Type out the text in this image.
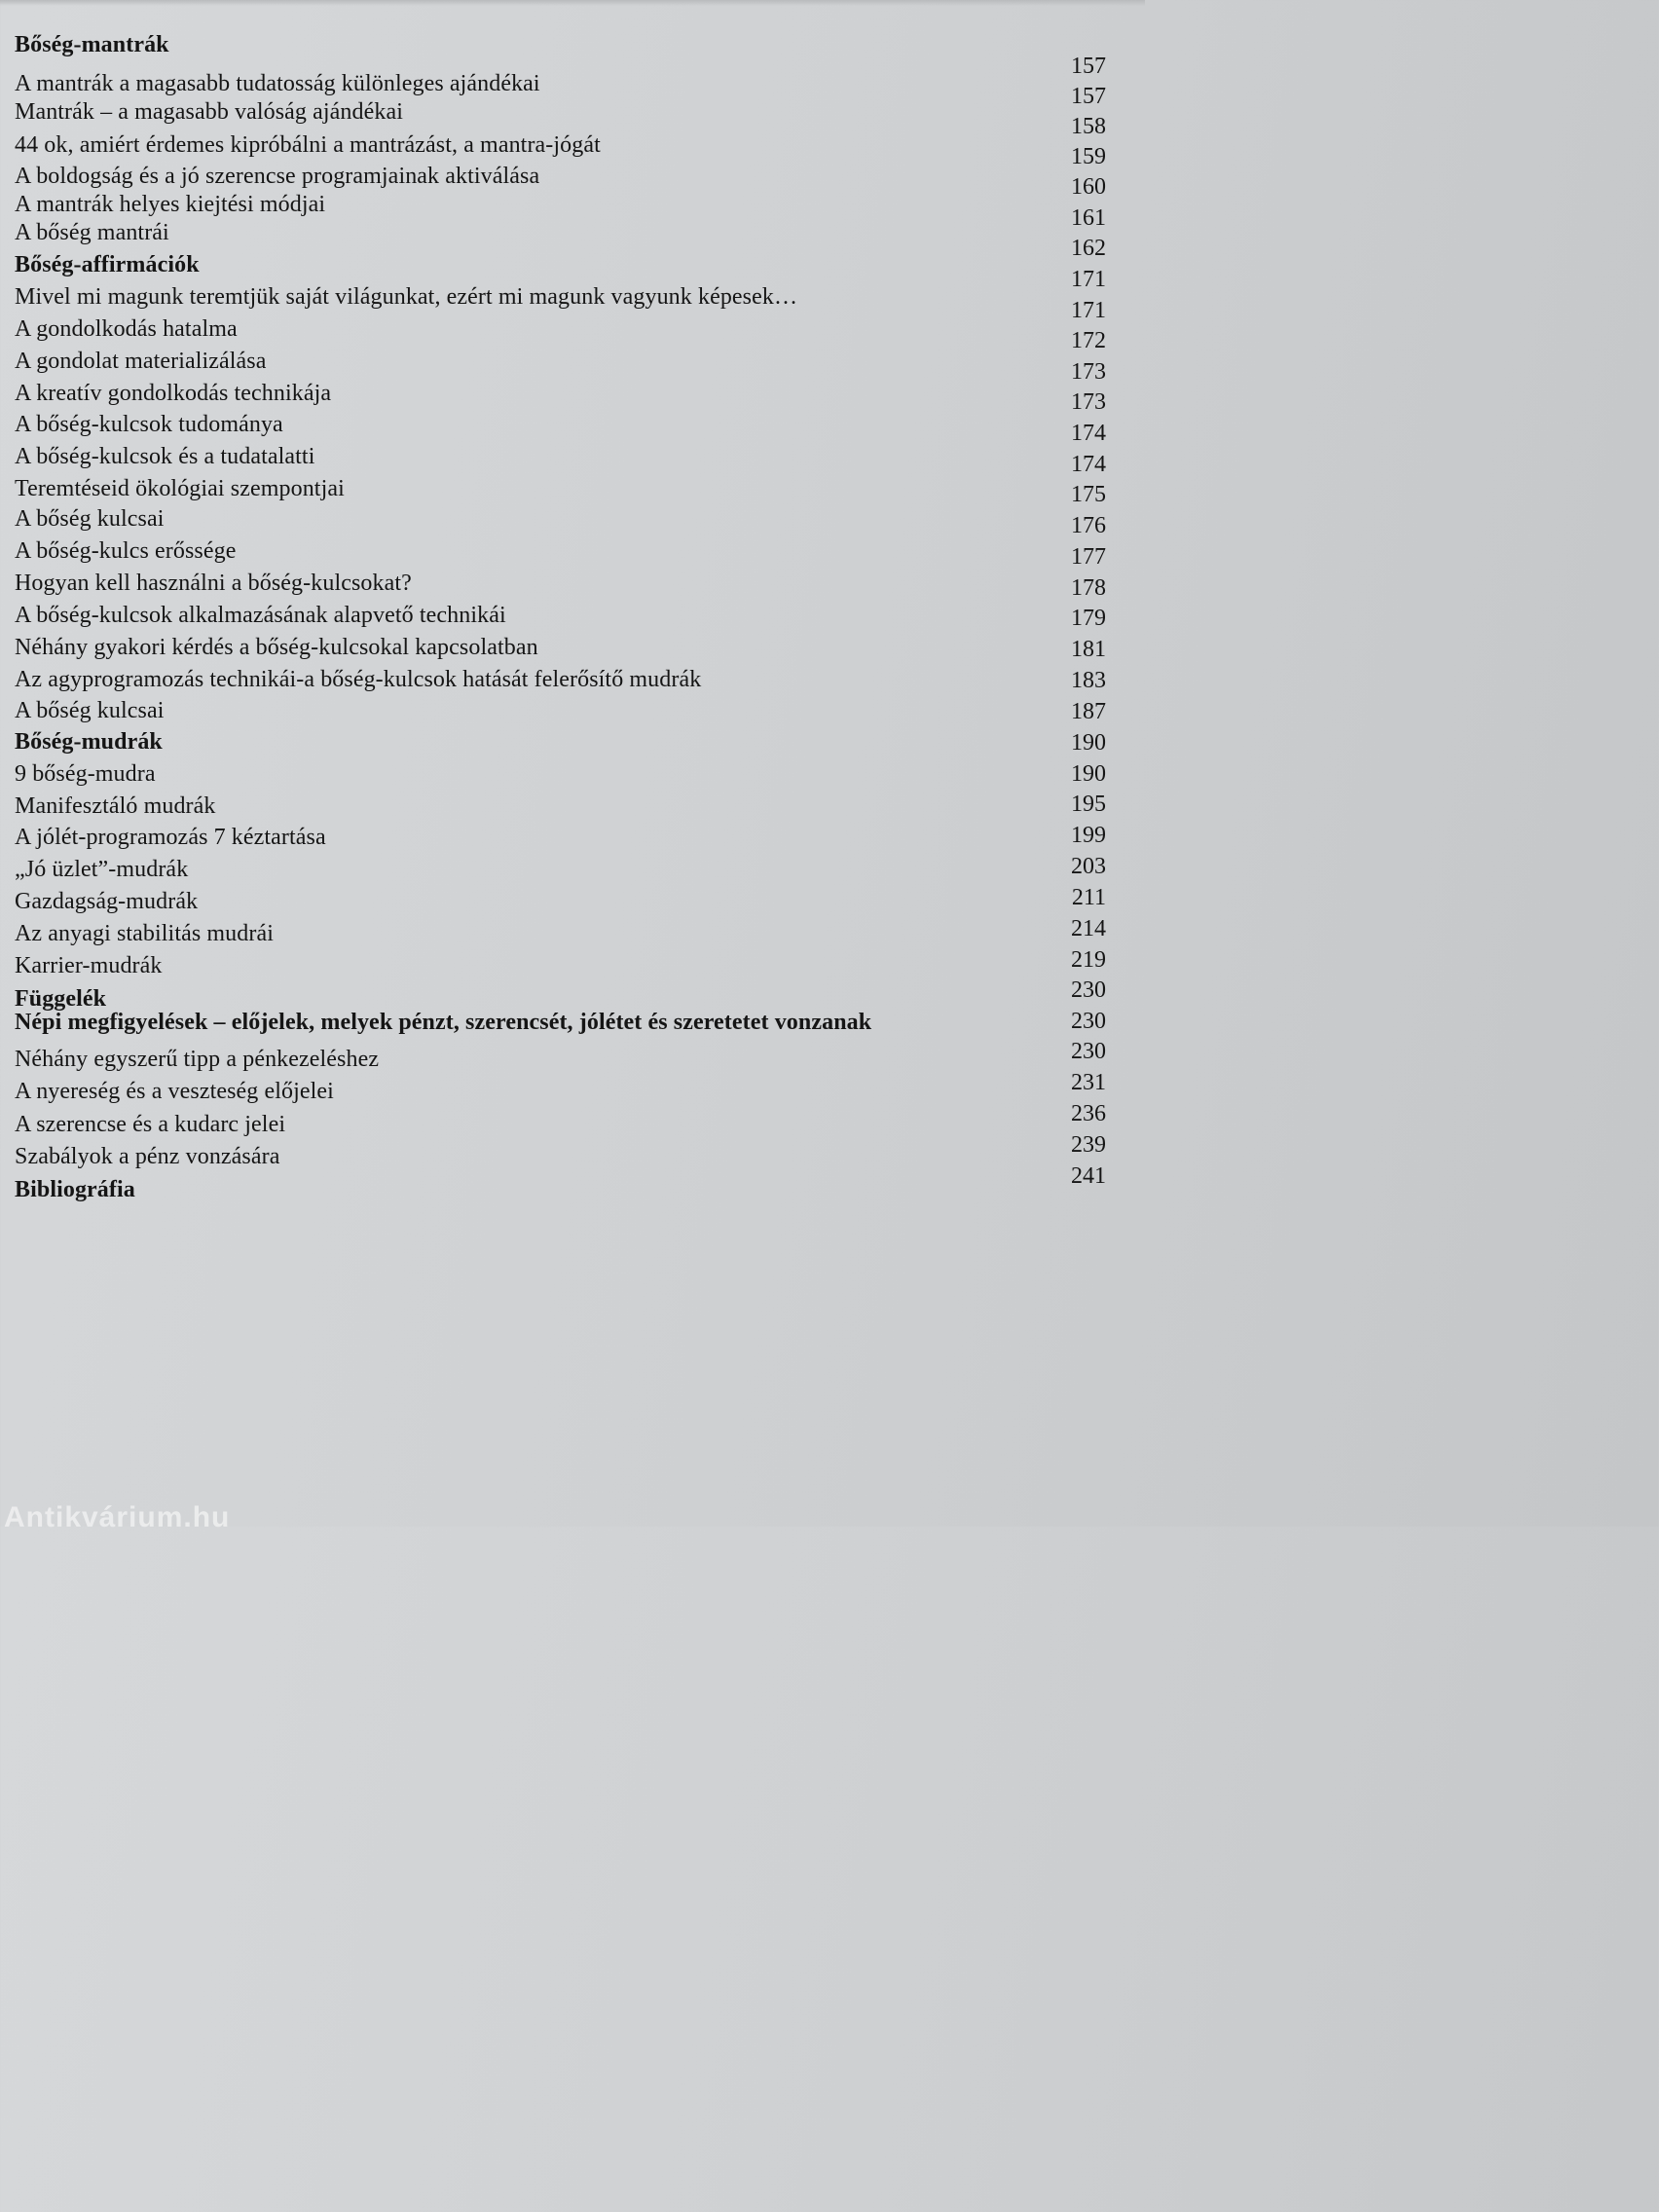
Bőség-mantrák
A mantrák a magasabb tudatosság különleges ajándékai
Mantrák – a magasabb valóság ajándékai
44 ok, amiért érdemes kipróbálni a mantrázást, a mantra-jógát
A boldogság és a jó szerencse programjainak aktiválása
A mantrák helyes kiejtési módjai
A bőség mantrái
Bőség-affirmációk
Mivel mi magunk teremtjük saját világunkat, ezért mi magunk vagyunk képesek…
A gondolkodás hatalma
A gondolat materializálása
A kreatív gondolkodás technikája
A bőség-kulcsok tudománya
A bőség-kulcsok és a tudatalatti
Teremtéseid ökológiai szempontjai
A bőség kulcsai
A bőség-kulcs erőssége
Hogyan kell használni a bőség-kulcsokat?
A bőség-kulcsok alkalmazásának alapvető technikái
Néhány gyakori kérdés a bőség-kulcsokal kapcsolatban
Az agyprogramozás technikái-a bőség-kulcsok hatását felerősítő mudrák
A bőség kulcsai
Bőség-mudrák
9 bőség-mudra
Manifesztáló mudrák
A jólét-programozás 7 kéztartása
„Jó üzlet”-mudrák
Gazdagság-mudrák
Az anyagi stabilitás mudrái
Karrier-mudrák
Függelék
Népi megfigyelések – előjelek, melyek pénzt, szerencsét, jólétet és szeretetet vonzanak
Néhány egyszerű tipp a pénkezeléshez
A nyereség és a veszteség előjelei
A szerencse és a kudarc jelei
Szabályok a pénz vonzására
Bibliográfia
157
157
158
159
160
161
162
171
171
172
173
173
174
174
175
176
177
178
179
181
183
187
190
190
195
199
203
211
214
219
230
230
230
231
236
239
241
Antikvárium.hu
